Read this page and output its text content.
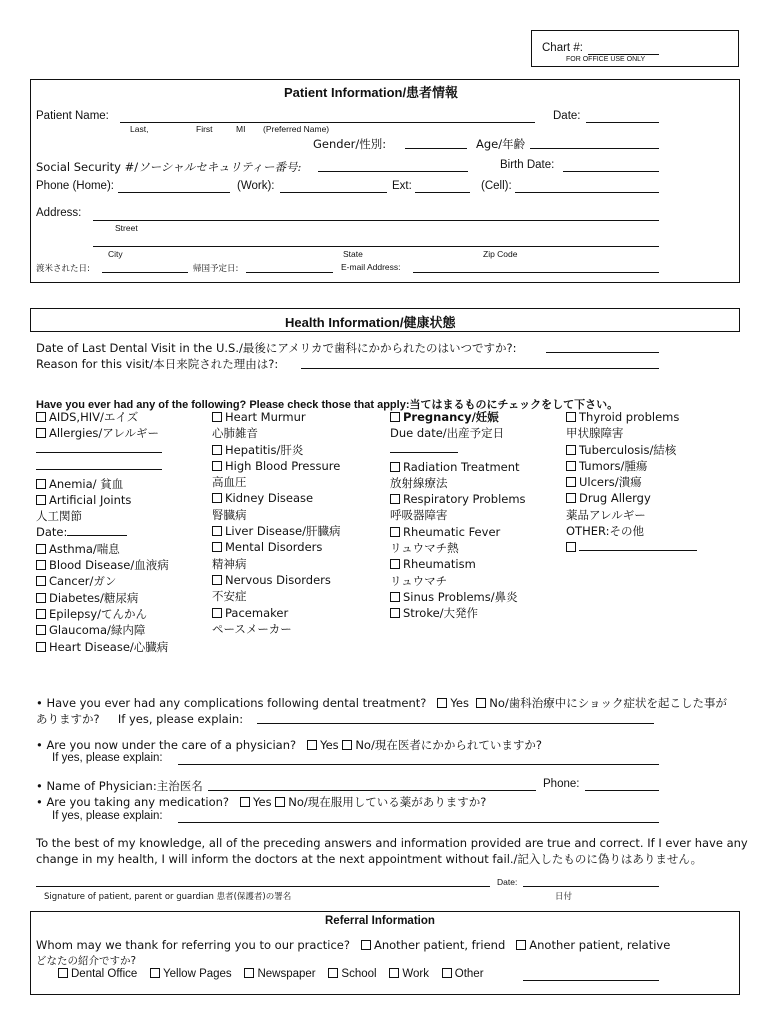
Chart #:
FOR OFFICE USE ONLY
Patient Information/患者情報
Patient Name:	Date:
Last,	First	MI (Preferred Name)
Gender/性別:	Age/年齢
Social Security #/ソーシャルセキュリティー番号:	Birth Date:
Phone (Home):	(Work):	Ext:	(Cell):
Address:
Street
City	State	Zip Code
渡米された日:	帰国予定日:	E-mail Address:
Health Information/健康状態
Date of Last Dental Visit in the U.S./最後にアメリカで歯科にかかられたのはいつですか?:
Reason for this visit/本日来院された理由は?:
Have you ever had any of the following? Please check those that apply:当てはまるものにチェックをして下さい。
AIDS,HIV/エイズ
Allergies/アレルギー
Anemia/ 貧血
Artificial Joints
人工関節
Date:
Asthma/喘息
Blood Disease/血液病
Cancer/ガン
Diabetes/糖尿病
Epilepsy/てんかん
Glaucoma/緑内障
Heart Disease/心臓病
Heart Murmur
心肺雑音
Hepatitis/肝炎
High Blood Pressure
高血圧
Kidney Disease
腎臓病
Liver Disease/肝臓病
Mental Disorders
精神病
Nervous Disorders
不安症
Pacemaker
ペースメーカー
Pregnancy/妊娠
Due date/出産予定日
Radiation Treatment
放射線療法
Respiratory Problems
呼吸器障害
Rheumatic Fever
リュウマチ熱
Rheumatism
リュウマチ
Sinus Problems/鼻炎
Stroke/大発作
Thyroid problems
甲状腺障害
Tuberculosis/結核
Tumors/腫瘍
Ulcers/潰瘍
Drug Allergy
薬品アレルギー
OTHER:その他
• Have you ever had any complications following dental treatment? Yes No/歯科治療中にショック症状を起こした事が
ありますか? If yes, please explain:
• Are you now under the care of a physician? Yes No/現在医者にかかられていますか?
If yes, please explain:
• Name of Physician:主治医名	Phone:
• Are you taking any medication? Yes No/現在服用している薬がありますか?
If yes, please explain:
To the best of my knowledge, all of the preceding answers and information provided are true and correct. If I ever have any
change in my health, I will inform the doctors at the next appointment without fail./記入したものに偽りはありません。
Signature of patient, parent or guardian 患者(保護者)の署名
Date:
日付
Referral Information
Whom may we thank for referring you to our practice? Another patient, friend Another patient, relative
どなたの紹介ですか?
Dental Office Yellow Pages Newspaper School Work Other
